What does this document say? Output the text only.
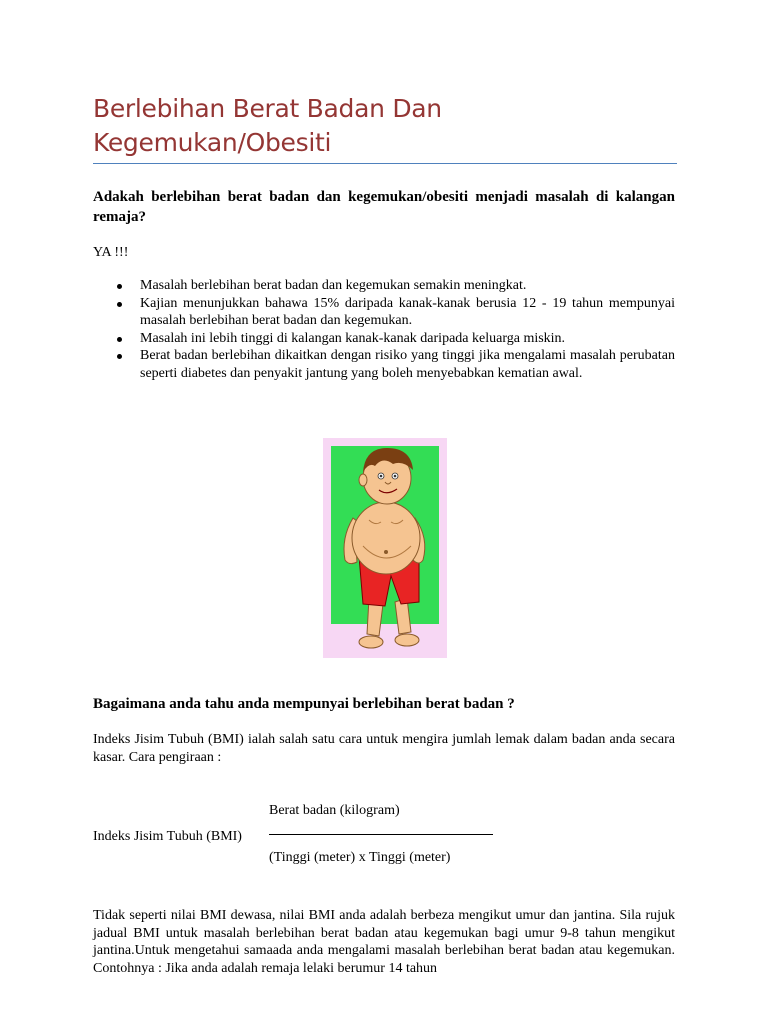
Berlebihan Berat Badan Dan
Kegemukan/Obesiti

Adakah berlebihan berat badan dan kegemukan/obesiti menjadi masalah di kalangan remaja?

YA !!!

Masalah berlebihan berat badan dan kegemukan semakin meningkat.
Kajian menunjukkan bahawa 15% daripada kanak-kanak berusia 12 - 19 tahun mempunyai masalah berlebihan berat badan dan kegemukan.
Masalah ini lebih tinggi di kalangan kanak-kanak daripada keluarga miskin.
Berat badan berlebihan dikaitkan dengan risiko yang tinggi jika mengalami masalah perubatan seperti diabetes dan penyakit jantung yang boleh menyebabkan kematian awal.

Bagaimana anda tahu anda mempunyai berlebihan berat badan ?

Indeks Jisim Tubuh (BMI) ialah salah satu cara untuk mengira jumlah lemak dalam badan anda secara kasar. Cara pengiraan :

Berat badan (kilogram)
Indeks Jisim Tubuh (BMI)
(Tinggi (meter) x Tinggi (meter)

Tidak seperti nilai BMI dewasa, nilai BMI anda adalah berbeza mengikut umur dan jantina. Sila rujuk jadual BMI untuk masalah berlebihan berat badan atau kegemukan bagi umur 9-8 tahun mengikut jantina.Untuk mengetahui samaada anda mengalami masalah berlebihan berat badan atau kegemukan. Contohnya : Jika anda adalah remaja lelaki berumur 14 tahun
